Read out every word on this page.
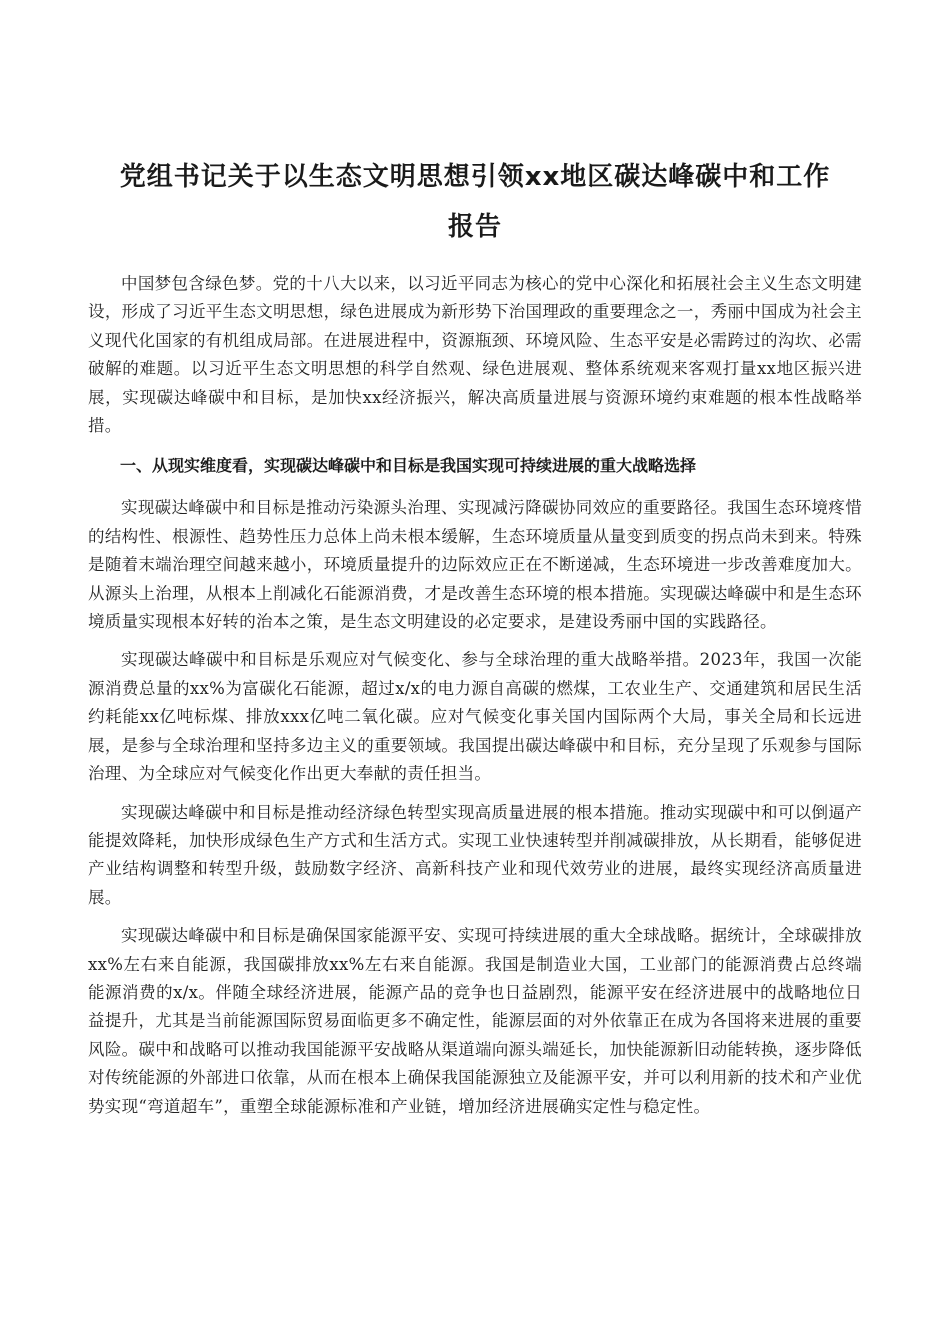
党组书记关于以生态文明思想引领xx地区碳达峰碳中和工作
报告

中国梦包含绿色梦。党的十八大以来，以习近平同志为核心的党中心深化和拓展社会主义生态文明建设，形成了习近平生态文明思想，绿色进展成为新形势下治国理政的重要理念之一，秀丽中国成为社会主义现代化国家的有机组成局部。在进展进程中，资源瓶颈、环境风险、生态平安是必需跨过的沟坎、必需破解的难题。以习近平生态文明思想的科学自然观、绿色进展观、整体系统观来客观打量xx地区振兴进展，实现碳达峰碳中和目标，是加快xx经济振兴，解决高质量进展与资源环境约束难题的根本性战略举措。

一、从现实维度看，实现碳达峰碳中和目标是我国实现可持续进展的重大战略选择

实现碳达峰碳中和目标是推动污染源头治理、实现减污降碳协同效应的重要路径。我国生态环境疼惜的结构性、根源性、趋势性压力总体上尚未根本缓解，生态环境质量从量变到质变的拐点尚未到来。特殊是随着末端治理空间越来越小，环境质量提升的边际效应正在不断递减，生态环境进一步改善难度加大。从源头上治理，从根本上削减化石能源消费，才是改善生态环境的根本措施。实现碳达峰碳中和是生态环境质量实现根本好转的治本之策，是生态文明建设的必定要求，是建设秀丽中国的实践路径。

实现碳达峰碳中和目标是乐观应对气候变化、参与全球治理的重大战略举措。2023年，我国一次能源消费总量的xx%为富碳化石能源，超过x/x的电力源自高碳的燃煤，工农业生产、交通建筑和居民生活约耗能xx亿吨标煤、排放xxx亿吨二氧化碳。应对气候变化事关国内国际两个大局，事关全局和长远进展，是参与全球治理和坚持多边主义的重要领域。我国提出碳达峰碳中和目标，充分呈现了乐观参与国际治理、为全球应对气候变化作出更大奉献的责任担当。

实现碳达峰碳中和目标是推动经济绿色转型实现高质量进展的根本措施。推动实现碳中和可以倒逼产能提效降耗，加快形成绿色生产方式和生活方式。实现工业快速转型并削减碳排放，从长期看，能够促进产业结构调整和转型升级，鼓励数字经济、高新科技产业和现代效劳业的进展，最终实现经济高质量进展。

实现碳达峰碳中和目标是确保国家能源平安、实现可持续进展的重大全球战略。据统计，全球碳排放xx%左右来自能源，我国碳排放xx%左右来自能源。我国是制造业大国，工业部门的能源消费占总终端能源消费的x/x。伴随全球经济进展，能源产品的竞争也日益剧烈，能源平安在经济进展中的战略地位日益提升，尤其是当前能源国际贸易面临更多不确定性，能源层面的对外依靠正在成为各国将来进展的重要风险。碳中和战略可以推动我国能源平安战略从渠道端向源头端延长，加快能源新旧动能转换，逐步降低对传统能源的外部进口依靠，从而在根本上确保我国能源独立及能源平安，并可以利用新的技术和产业优势实现“弯道超车”，重塑全球能源标准和产业链，增加经济进展确实定性与稳定性。
